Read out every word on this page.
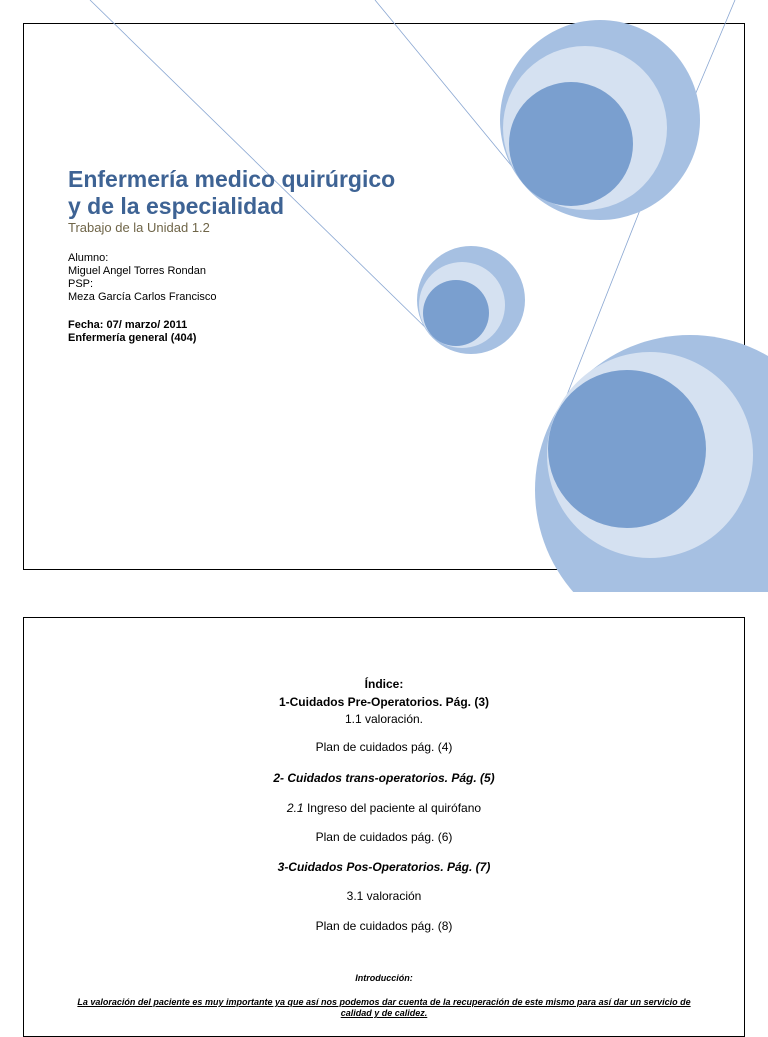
Enfermería medico quirúrgico
y de la especialidad
Trabajo de la Unidad 1.2
Alumno:
Miguel Angel Torres Rondan
PSP:
Meza García Carlos Francisco
Fecha: 07/ marzo/ 2011
Enfermería general (404)
Índice:
1-Cuidados Pre-Operatorios. Pág. (3)
1.1 valoración.
Plan de cuidados pág. (4)
2- Cuidados trans-operatorios. Pág. (5)
2.1 Ingreso del paciente al quirófano
Plan de cuidados pág. (6)
3-Cuidados Pos-Operatorios. Pág. (7)
3.1 valoración
Plan de cuidados pág. (8)
Introducción:
La valoración del paciente es muy importante ya que así nos podemos dar cuenta de la recuperación de este mismo para así dar un servicio de calidad y de calidez.
